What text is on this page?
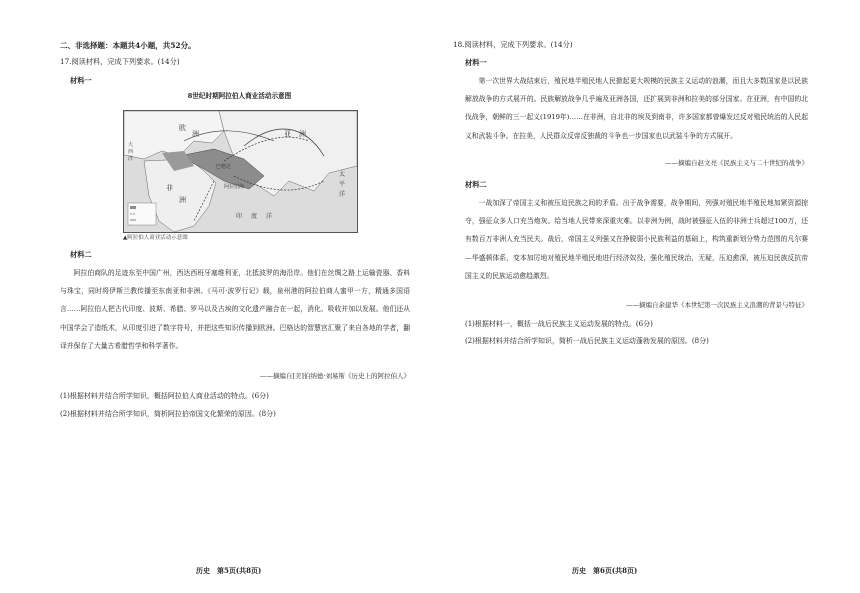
二、非选择题：本题共4小题，共52分。
17.阅读材料，完成下列要求。(14分)
材料一
8世纪时期阿拉伯人商业活动示意图
欧
洲	亚 洲
非
洲
印 度 洋
太
平
洋
大
西
洋
阿拉伯海
巴格达
▲阿拉伯人商业活动示意图
材料二
阿拉伯商队的足迹东至中国广州，西达西班牙塞维利亚，北抵波罗的海沿岸。他们在丝绸之路上运输瓷器、香料与珠宝，同时将伊斯兰教传播至东南亚和非洲。《马可·波罗行记》载，泉州港的阿拉伯商人蜜甲一方，精通多国语言……阿拉伯人把古代印度、波斯、希腊、罗马以及古埃的文化遗产融合在一起，消化、吸收并加以发展。他们还从中国学会了造纸术，从印度引进了数字符号，并把这些知识传播到欧洲。巴格达的智慧宫汇聚了来自各地的学者，翻译并保存了大量古希腊哲学和科学著作。
——摘编自[美]伯纳德·刘易斯《历史上的阿拉伯人》
(1)根据材料并结合所学知识，概括阿拉伯人商业活动的特点。(6分)
(2)根据材料并结合所学知识，简析阿拉伯帝国文化繁荣的原因。(8分)
历史　第5页(共8页)
18.阅读材料，完成下列要求。(14分)
材料一
第一次世界大战结束后，殖民地半殖民地人民掀起更大规模的民族主义运动的浪潮，而且大多数国家是以民族解放战争的方式展开的。民族解放战争几乎遍及亚洲各国，还扩展到非洲和拉美的部分国家。在亚洲，有中国的北伐战争，朝鲜的三一起义(1919年)……在非洲，自北非的埃及到南非，许多国家都曾爆发过反对殖民统治的人民起义和武装斗争。在拉美，人民群众反帝反独裁的斗争也一步国家也以武装斗争的方式展开。
——摘编自赵文亮《民族主义与二十世纪的战争》
材料二
一战加深了帝国主义和被压迫民族之间的矛盾。出于战争需要，战争期间，列强对殖民地半殖民地加紧资源掠夺，强征众多人口充当炮灰。给当地人民带来深重灾难。以非洲为例，战时被强征入伍的非洲士兵超过100万，还有数百万非洲人充当民夫。战后，帝国主义列强又在挣脱弱小民族利益的基础上，构筑重新划分势力范围的凡尔赛—华盛顿体系，变本加厉地对殖民地半殖民地进行经济奴役，强化殖民统治，无疑，压迫愈深，被压迫民族反抗帝国主义的民族运动愈趋激烈。
——摘编自余建华《本世纪第一次民族主义浪潮的背景与特征》
(1)根据材料一，概括一战后民族主义运动发展的特点。(6分)
(2)根据材料并结合所学知识，简析一战后民族主义运动蓬勃发展的原因。(8分)
历史　第6页(共8页)
